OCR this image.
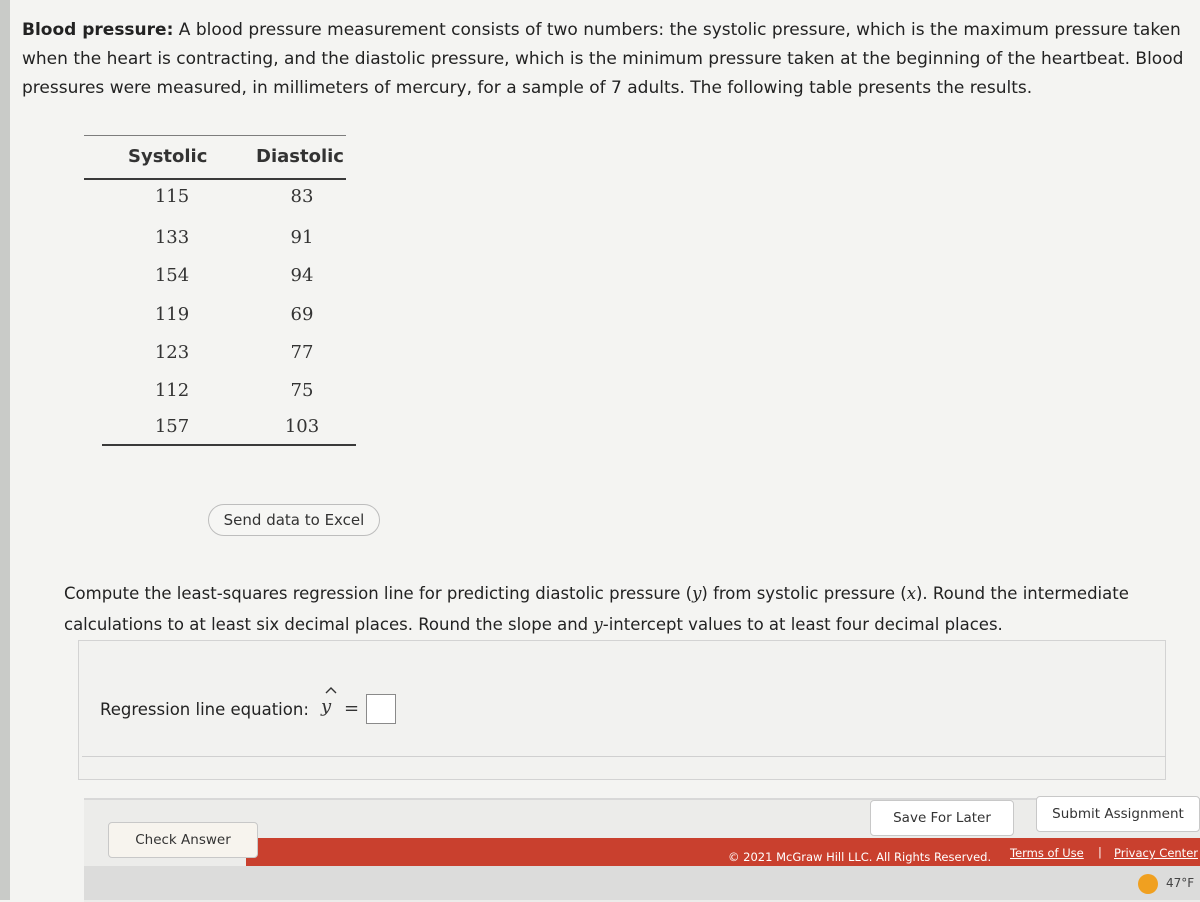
Blood pressure: A blood pressure measurement consists of two numbers: the systolic pressure, which is the maximum pressure taken when the heart is contracting, and the diastolic pressure, which is the minimum pressure taken at the beginning of the heartbeat. Blood pressures were measured, in millimeters of mercury, for a sample of 7 adults. The following table presents the results.
Systolic	Diastolic
115	83
133	91
154	94
119	69
123	77
112	75
157	103
Send data to Excel
Compute the least-squares regression line for predicting diastolic pressure (y) from systolic pressure (x). Round the intermediate calculations to at least six decimal places. Round the slope and y-intercept values to at least four decimal places.
Regression line equation: y =
Check Answer
Save For Later	Submit Assignment
© 2021 McGraw Hill LLC. All Rights Reserved. Terms of Use | Privacy Center
47°F
